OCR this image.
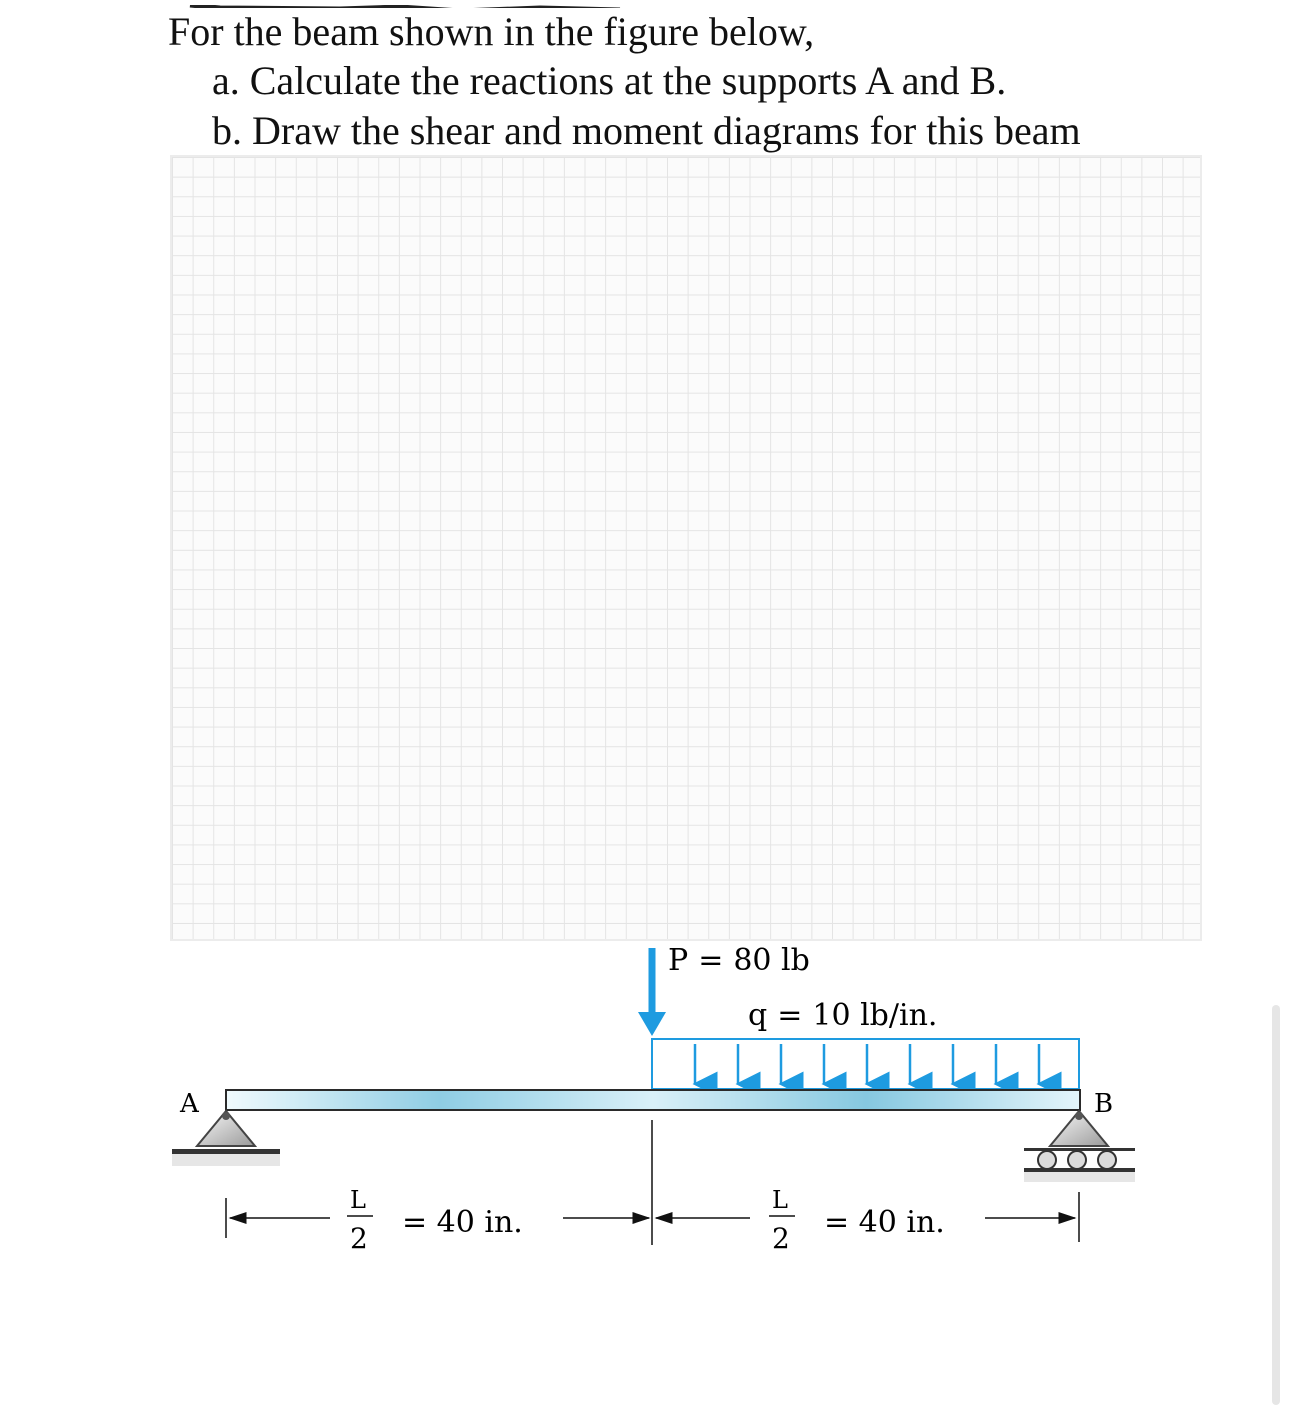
For the beam shown in the figure below,
a. Calculate the reactions at the supports A and B.
b. Draw the shear and moment diagrams for this beam
P = 80 lb
q = 10 lb/in.
A	B
L
2 = 40 in.
L
2 = 40 in.
